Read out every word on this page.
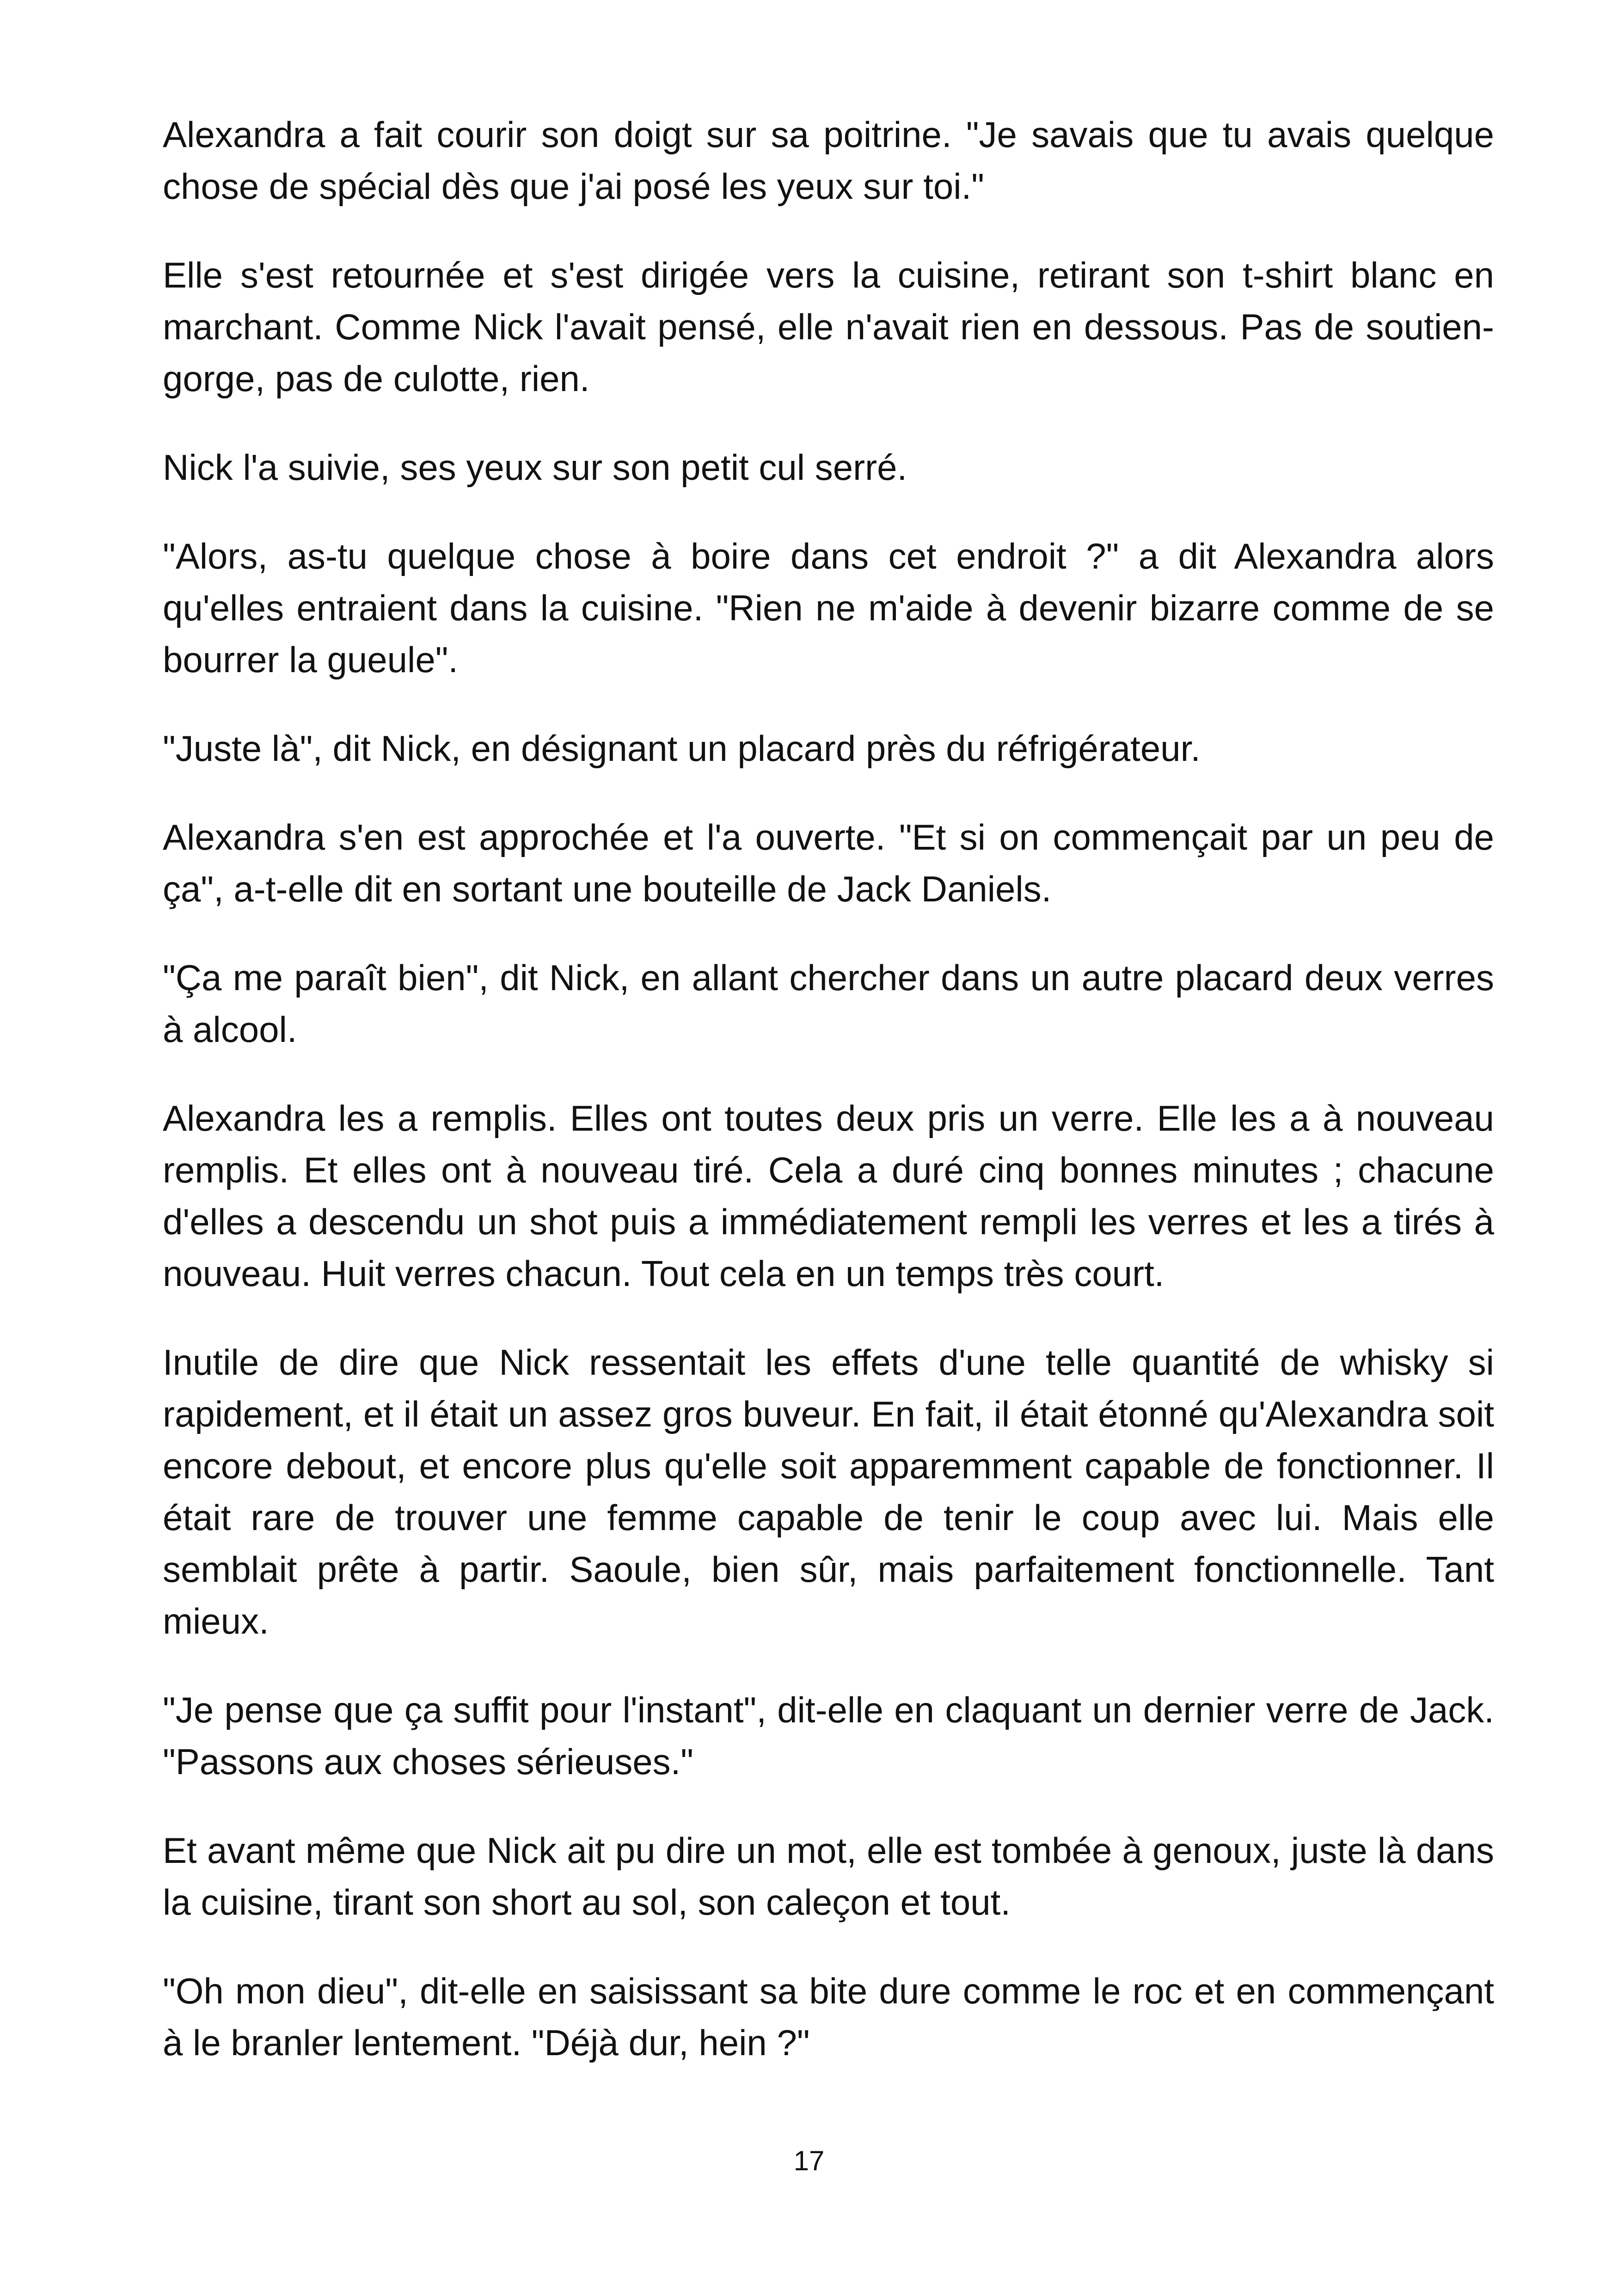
Alexandra a fait courir son doigt sur sa poitrine. "Je savais que tu avais quelque chose de spécial dès que j'ai posé les yeux sur toi."

Elle s'est retournée et s'est dirigée vers la cuisine, retirant son t-shirt blanc en marchant. Comme Nick l'avait pensé, elle n'avait rien en dessous. Pas de soutien-gorge, pas de culotte, rien.

Nick l'a suivie, ses yeux sur son petit cul serré.

"Alors, as-tu quelque chose à boire dans cet endroit ?" a dit Alexandra alors qu'elles entraient dans la cuisine. "Rien ne m'aide à devenir bizarre comme de se bourrer la gueule".

"Juste là", dit Nick, en désignant un placard près du réfrigérateur.

Alexandra s'en est approchée et l'a ouverte. "Et si on commençait par un peu de ça", a-t-elle dit en sortant une bouteille de Jack Daniels.

"Ça me paraît bien", dit Nick, en allant chercher dans un autre placard deux verres à alcool.

Alexandra les a remplis. Elles ont toutes deux pris un verre. Elle les a à nouveau remplis. Et elles ont à nouveau tiré. Cela a duré cinq bonnes minutes ; chacune d'elles a descendu un shot puis a immédiatement rempli les verres et les a tirés à nouveau. Huit verres chacun. Tout cela en un temps très court.

Inutile de dire que Nick ressentait les effets d'une telle quantité de whisky si rapidement, et il était un assez gros buveur. En fait, il était étonné qu'Alexandra soit encore debout, et encore plus qu'elle soit apparemment capable de fonctionner. Il était rare de trouver une femme capable de tenir le coup avec lui. Mais elle semblait prête à partir. Saoule, bien sûr, mais parfaitement fonctionnelle. Tant mieux.

"Je pense que ça suffit pour l'instant", dit-elle en claquant un dernier verre de Jack. "Passons aux choses sérieuses."

Et avant même que Nick ait pu dire un mot, elle est tombée à genoux, juste là dans la cuisine, tirant son short au sol, son caleçon et tout.

"Oh mon dieu", dit-elle en saisissant sa bite dure comme le roc et en commençant à le branler lentement. "Déjà dur, hein ?"

17
